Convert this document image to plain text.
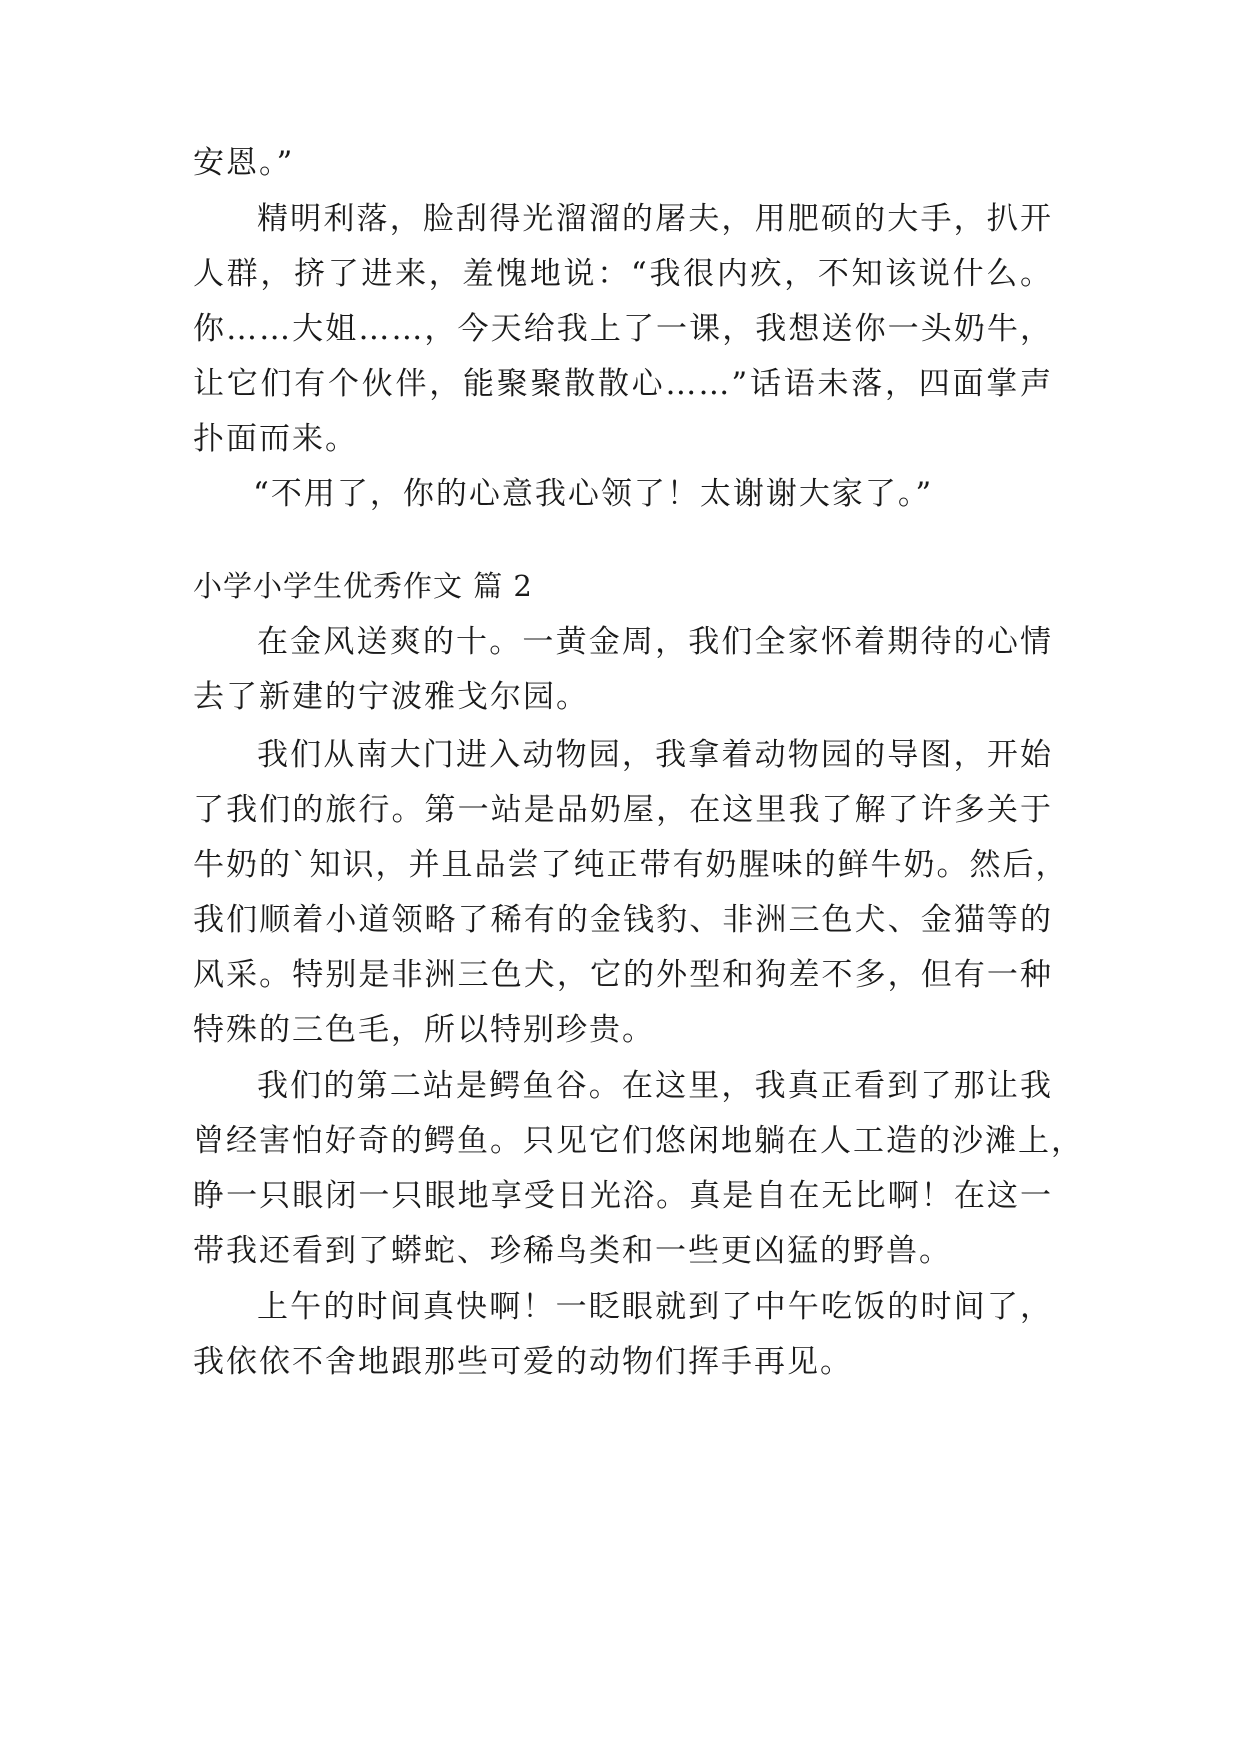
安恩。”
精明利落，脸刮得光溜溜的屠夫，用肥硕的大手，扒开
人群，挤了进来，羞愧地说：“我很内疚，不知该说什么。
你……大姐……，今天给我上了一课，我想送你一头奶牛，
让它们有个伙伴，能聚聚散散心……”话语未落，四面掌声
扑面而来。
“不用了，你的心意我心领了！太谢谢大家了。”
小学小学生优秀作文 篇 2
在金风送爽的十。一黄金周，我们全家怀着期待的心情
去了新建的宁波雅戈尔园。
我们从南大门进入动物园，我拿着动物园的导图，开始
了我们的旅行。第一站是品奶屋，在这里我了解了许多关于
牛奶的`知识，并且品尝了纯正带有奶腥味的鲜牛奶。然后，
我们顺着小道领略了稀有的金钱豹、非洲三色犬、金猫等的
风采。特别是非洲三色犬，它的外型和狗差不多，但有一种
特殊的三色毛，所以特别珍贵。
我们的第二站是鳄鱼谷。在这里，我真正看到了那让我
曾经害怕好奇的鳄鱼。只见它们悠闲地躺在人工造的沙滩上，
睁一只眼闭一只眼地享受日光浴。真是自在无比啊！在这一
带我还看到了蟒蛇、珍稀鸟类和一些更凶猛的野兽。
上午的时间真快啊！一眨眼就到了中午吃饭的时间了，
我依依不舍地跟那些可爱的动物们挥手再见。
